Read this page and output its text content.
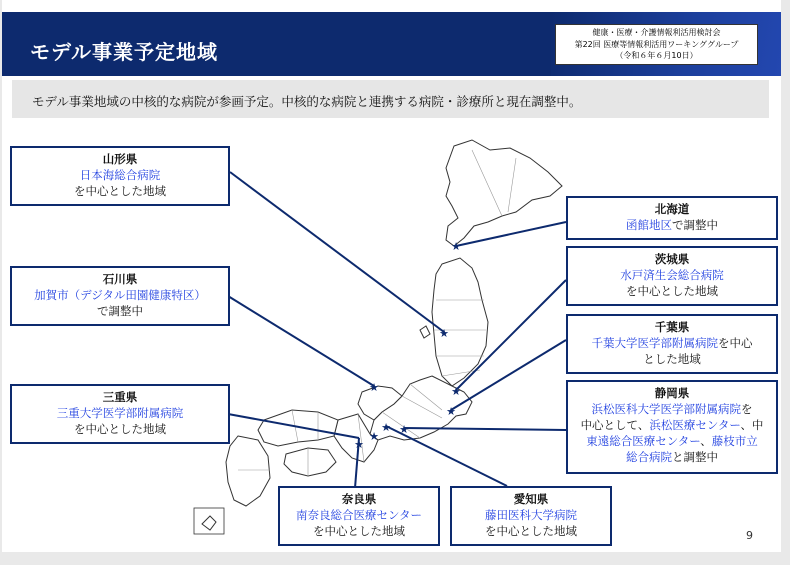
モデル事業予定地域
健康・医療・介護情報利活用検討会
第22回 医療等情報利活用ワーキンググループ
（令和６年６月10日）
モデル事業地域の中核的な病院が参画予定。中核的な病院と連携する病院・診療所と現在調整中。
★
★
★	★
★
★
★
★
★
山形県
日本海総合病院
を中心とした地域
石川県
加賀市（デジタル田園健康特区）
で調整中
三重県
三重大学医学部附属病院
を中心とした地域
北海道
函館地区で調整中
茨城県
水戸済生会総合病院
を中心とした地域
千葉県
千葉大学医学部附属病院を中心
とした地域
静岡県
浜松医科大学医学部附属病院を
中心として、浜松医療センター、中
東遠総合医療センター、藤枝市立
総合病院と調整中
奈良県
南奈良総合医療センター
を中心とした地域
愛知県
藤田医科大学病院
を中心とした地域	9
